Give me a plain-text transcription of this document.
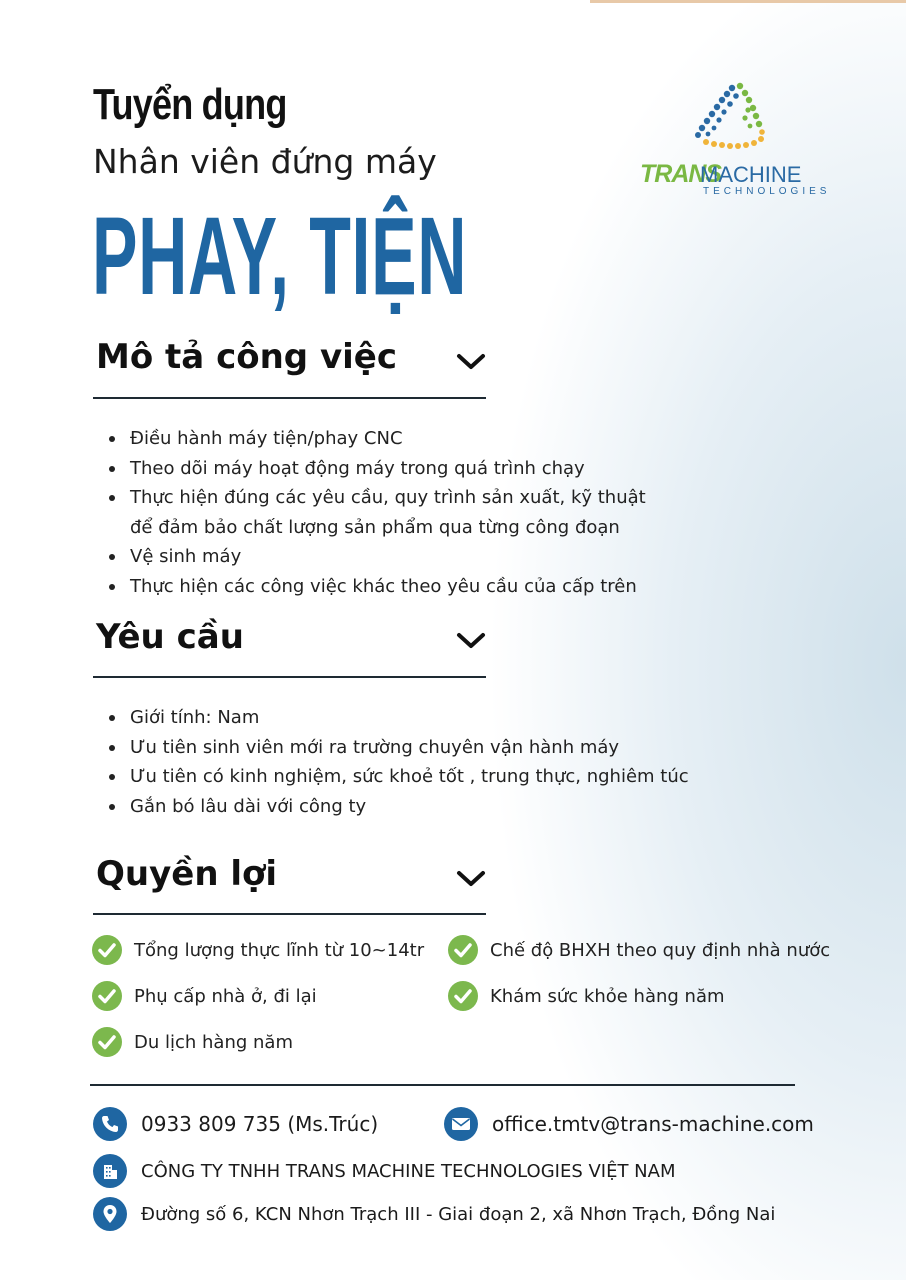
Tuyển dụng
Nhân viên đứng máy
PHAY, TIỆN
TRANS
MACHINE
TECHNOLOGIES
Mô tả công việc
Điều hành máy tiện/phay CNC
Theo dõi máy hoạt động máy trong quá trình chạy
Thực hiện đúng các yêu cầu, quy trình sản xuất, kỹ thuật
để đảm bảo chất lượng sản phẩm qua từng công đoạn
Vệ sinh máy
Thực hiện các công việc khác theo yêu cầu của cấp trên
Yêu cầu
Giới tính: Nam
Ưu tiên sinh viên mới ra trường chuyên vận hành máy
Ưu tiên có kinh nghiệm, sức khoẻ tốt , trung thực, nghiêm túc
Gắn bó lâu dài với công ty
Quyền lợi
Tổng lượng thực lĩnh từ 10~14tr	Chế độ BHXH theo quy định nhà nước
Phụ cấp nhà ở, đi lại	Khám sức khỏe hàng năm
Du lịch hàng năm
0933 809 735 (Ms.Trúc)	office.tmtv@trans-machine.com
CÔNG TY TNHH TRANS MACHINE TECHNOLOGIES VIỆT NAM
Đường số 6, KCN Nhơn Trạch III - Giai đoạn 2, xã Nhơn Trạch, Đồng Nai
